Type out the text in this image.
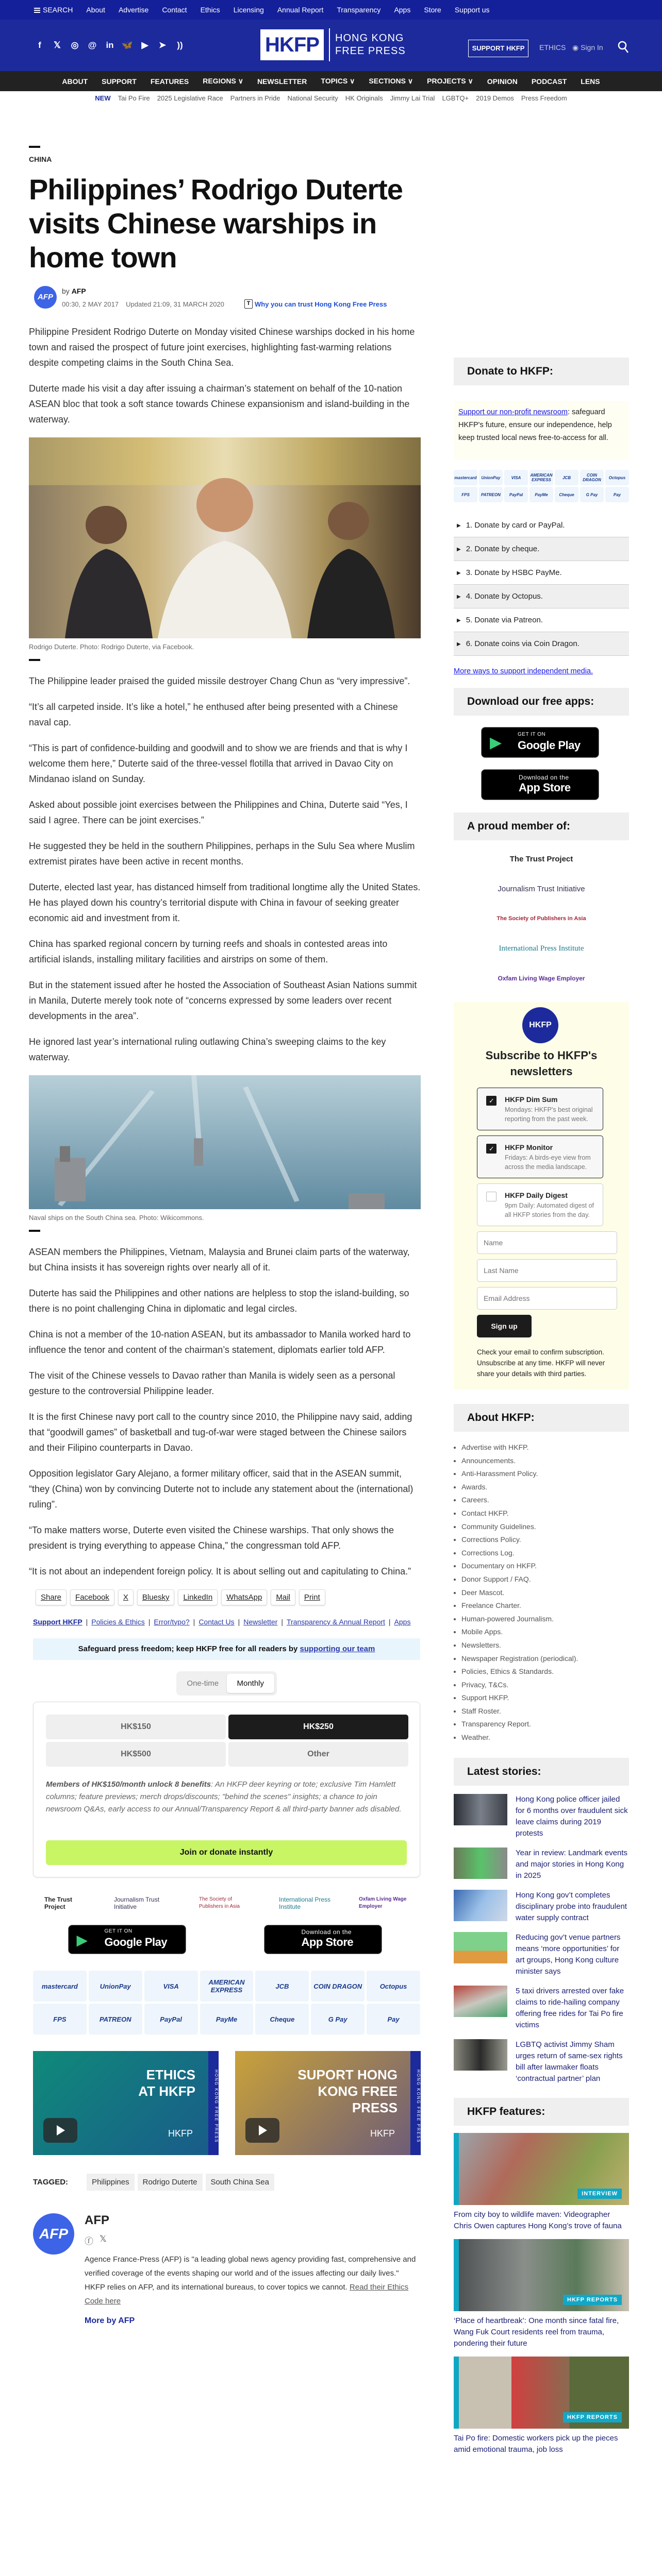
SEARCH About Advertise Contact Ethics Licensing Annual Report Transparency Apps Store Support us
f	𝕏 ◎ @ in 🦋 ▶ ➤	))	HKFP	HONG KONG
FREE PRESS	SUPPORT HKFP	ETHICS ◉ Sign In
ABOUT SUPPORT FEATURES REGIONS ∨ NEWSLETTER TOPICS ∨ SECTIONS ∨ PROJECTS ∨ OPINION PODCAST LENS
NEW Tai Po Fire 2025 Legislative Race Partners in Pride National Security HK Originals Jimmy Lai Trial LGBTQ+ 2019 Demos Press Freedom
CHINA
Philippines’ Rodrigo Duterte visits Chinese warships in home town
AFP
by AFP
00:30, 2 MAY 2017 Updated 21:09, 31 MARCH 2020	T Why you can trust Hong Kong Free Press

Philippine President Rodrigo Duterte on Monday visited Chinese warships docked in his home town and raised the prospect of future joint exercises, highlighting fast-warming relations despite competing claims in the South China Sea.

Duterte made his visit a day after issuing a chairman’s statement on behalf of the 10-nation ASEAN bloc that took a soft stance towards Chinese expansionism and island-building in the waterway.

Rodrigo Duterte. Photo: Rodrigo Duterte, via Facebook.

The Philippine leader praised the guided missile destroyer Chang Chun as “very impressive”.

“It’s all carpeted inside. It’s like a hotel,” he enthused after being presented with a Chinese naval cap.

“This is part of confidence-building and goodwill and to show we are friends and that is why I welcome them here,” Duterte said of the three-vessel flotilla that arrived in Davao City on Mindanao island on Sunday.

Asked about possible joint exercises between the Philippines and China, Duterte said “Yes, I said I agree. There can be joint exercises.”

He suggested they be held in the southern Philippines, perhaps in the Sulu Sea where Muslim extremist pirates have been active in recent months.

Duterte, elected last year, has distanced himself from traditional longtime ally the United States. He has played down his country’s territorial dispute with China in favour of seeking greater economic aid and investment from it.

China has sparked regional concern by turning reefs and shoals in contested areas into artificial islands, installing military facilities and airstrips on some of them.

But in the statement issued after he hosted the Association of Southeast Asian Nations summit in Manila, Duterte merely took note of “concerns expressed by some leaders over recent developments in the area”.

He ignored last year’s international ruling outlawing China’s sweeping claims to the key waterway.

Naval ships on the South China sea. Photo: Wikicommons.

ASEAN members the Philippines, Vietnam, Malaysia and Brunei claim parts of the waterway, but China insists it has sovereign rights over nearly all of it.

Duterte has said the Philippines and other nations are helpless to stop the island-building, so there is no point challenging China in diplomatic and legal circles.

China is not a member of the 10-nation ASEAN, but its ambassador to Manila worked hard to influence the tenor and content of the chairman’s statement, diplomats earlier told AFP.

The visit of the Chinese vessels to Davao rather than Manila is widely seen as a personal gesture to the controversial Philippine leader.

It is the first Chinese navy port call to the country since 2010, the Philippine navy said, adding that “goodwill games” of basketball and tug-of-war were staged between the Chinese sailors and their Filipino counterparts in Davao.

Opposition legislator Gary Alejano, a former military officer, said that in the ASEAN summit, “they (China) won by convincing Duterte not to include any statement about the (international) ruling”.

“To make matters worse, Duterte even visited the Chinese warships. That only shows the president is trying everything to appease China,” the congressman told AFP.

“It is not about an independent foreign policy. It is about selling out and capitulating to China.”

Share	Facebook	X	Bluesky	LinkedIn	WhatsApp	Mail	Print
Support HKFP | Policies & Ethics | Error/typo? | Contact Us | Newsletter | Transparency & Annual Report | Apps
Safeguard press freedom; keep HKFP free for all readers by supporting our team
One-time	Monthly
HK$150	HK$250
HK$500	Other
Members of HK$150/month unlock 8 benefits: An HKFP deer keyring or tote; exclusive Tim Hamlett columns; feature previews; merch drops/discounts; "behind the scenes" insights; a chance to join newsroom Q&As, early access to our Annual/Transparency Report & all third-party banner ads disabled.
Join or donate instantly
The Trust Project
Journalism Trust Initiative
The Society of Publishers in Asia
International Press Institute
Oxfam Living Wage Employer
▶
GET IT ON
Google Play
Download on the
App Store
mastercard	UnionPay	VISA	AMERICAN EXPRESS	JCB	COIN DRAGON	Octopus
FPS	PATREON	PayPal	PayMe	Cheque	G Pay	Pay
ETHICS AT HKFP
HKFP	HONG KONG FREE PRESS	SUPORT HONG KONG FREE PRESS
HKFP	HONG KONG FREE PRESS
TAGGED:	Philippines	Rodrigo Duterte	South China Sea
AFP
AFP
ⓕ 𝕏
Agence France-Press (AFP) is "a leading global news agency providing fast, comprehensive and verified coverage of the events shaping our world and of the issues affecting our daily lives." HKFP relies on AFP, and its international bureaus, to cover topics we cannot. Read their Ethics Code here
More by AFP
Donate to HKFP:
Support our non-profit newsroom: safeguard HKFP's future, ensure our independence, help keep trusted local news free-to-access for all.
mastercard	UnionPay	VISA	AMERICAN EXPRESS	JCB	COIN DRAGON	Octopus
FPS	PATREON	PayPal	PayMe	Cheque	G Pay	Pay
▶ 1. Donate by card or PayPal.
▶ 2. Donate by cheque.
▶ 3. Donate by HSBC PayMe.
▶ 4. Donate by Octopus.
▶ 5. Donate via Patreon.
▶ 6. Donate coins via Coin Dragon.
More ways to support independent media.
Download our free apps:
▶	GET IT ON
Google Play
Download on the
App Store
A proud member of:
The Trust Project
Journalism Trust Initiative
The Society of Publishers in Asia
International Press Institute
Oxfam Living Wage Employer
HKFP
Subscribe to HKFP's newsletters
✓
HKFP Dim Sum
Mondays: HKFP's best original reporting from the past week.
✓
HKFP Monitor
Fridays: A birds-eye view from across the media landscape.
HKFP Daily Digest
9pm Daily: Automated digest of all HKFP stories from the day.
Name
Last Name
Email Address Sign up
Check your email to confirm subscription. Unsubscribe at any time. HKFP will never share your details with third parties.
About HKFP:
• Advertise with HKFP.
• Announcements.
• Anti-Harassment Policy.
• Awards.
• Careers.
• Contact HKFP.
• Community Guidelines.
• Corrections Policy.
• Corrections Log.
• Documentary on HKFP.
• Donor Support / FAQ.
• Deer Mascot.
• Freelance Charter.
• Human-powered Journalism.
• Mobile Apps.
• Newsletters.
• Newspaper Registration (periodical).
• Policies, Ethics & Standards.
• Privacy, T&Cs.
• Support HKFP.
• Staff Roster.
• Transparency Report.
• Weather.
Latest stories:
Hong Kong police officer jailed for 6 months over fraudulent sick leave claims during 2019 protests
Year in review: Landmark events and major stories in Hong Kong in 2025
Hong Kong gov’t completes disciplinary probe into fraudulent water supply contract
Reducing gov’t venue partners means ‘more opportunities’ for art groups, Hong Kong culture minister says
5 taxi drivers arrested over fake claims to ride-hailing company offering free rides for Tai Po fire victims
LGBTQ activist Jimmy Sham urges return of same-sex rights bill after lawmaker floats ‘contractual partner’ plan
HKFP features:
INTERVIEW
From city boy to wildlife maven: Videographer Chris Owen captures Hong Kong’s trove of fauna
HKFP REPORTS
‘Place of heartbreak’: One month since fatal fire, Wang Fuk Court residents reel from trauma, pondering their future
HKFP REPORTS
Tai Po fire: Domestic workers pick up the pieces amid emotional trauma, job loss
